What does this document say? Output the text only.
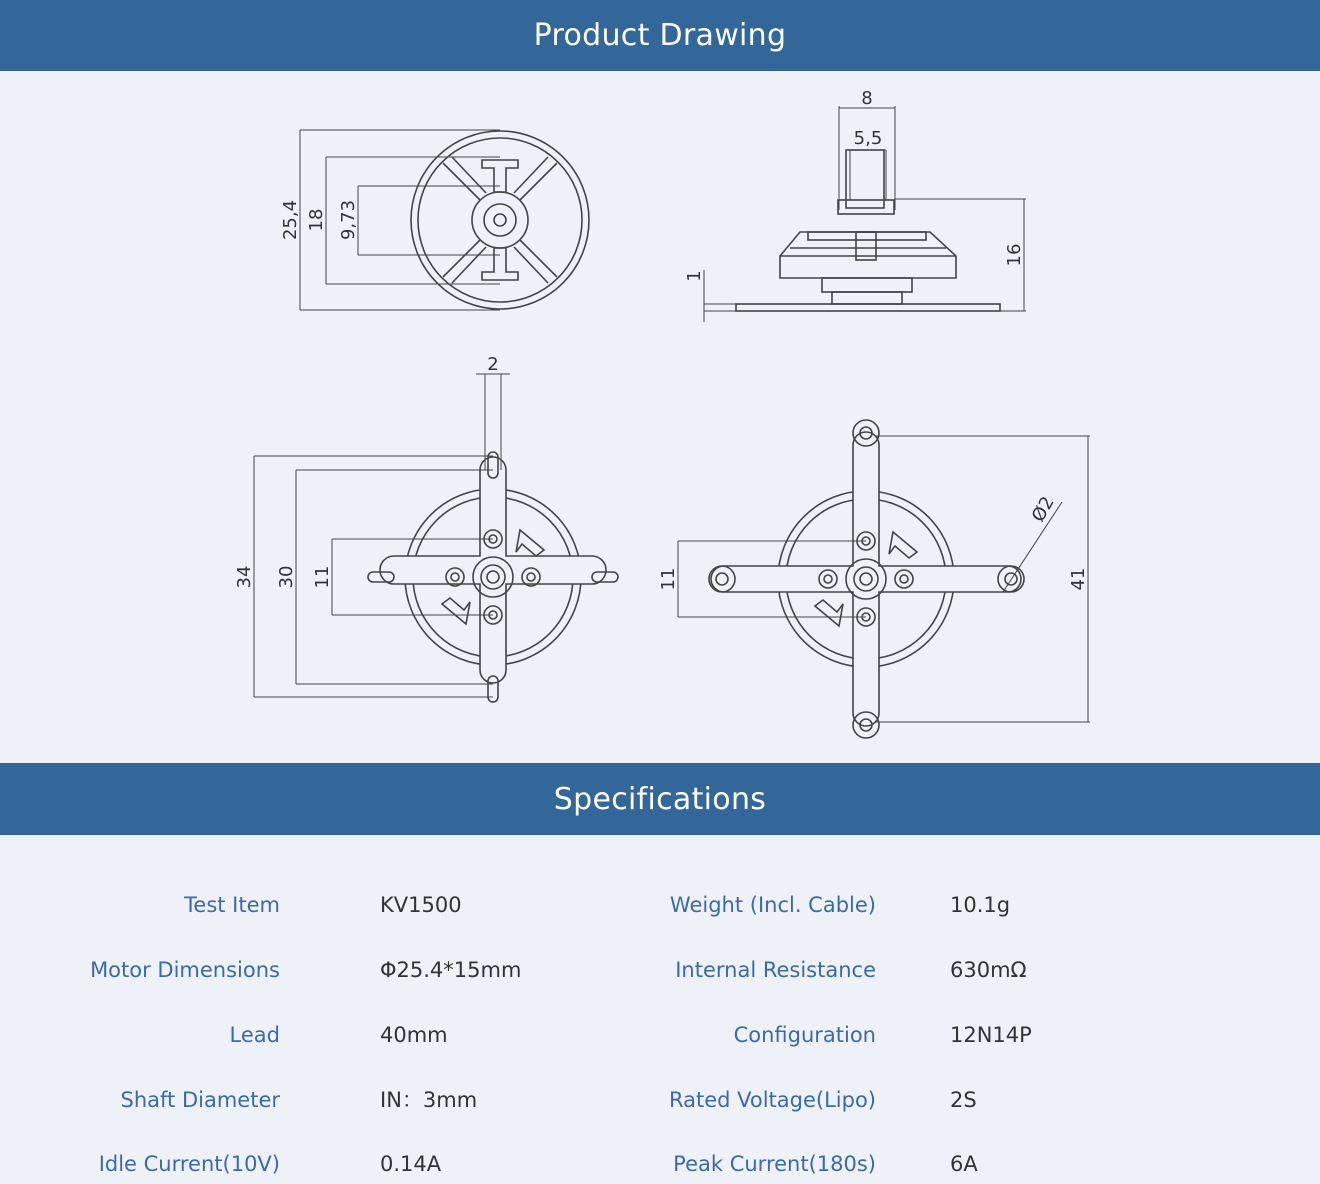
Product Drawing
25,4 18 9,73
8
5,5
16
1
2
34 30 11
Ø2
41
11
Specifications
Test Item	KV1500	Weight (Incl. Cable)	10.1g
Motor Dimensions	Φ25.4*15mm	Internal Resistance	630mΩ
Lead	40mm	Configuration	12N14P
Shaft Diameter	IN：3mm	Rated Voltage(Lipo)	2S
Idle Current(10V)	0.14A	Peak Current(180s)	6A
